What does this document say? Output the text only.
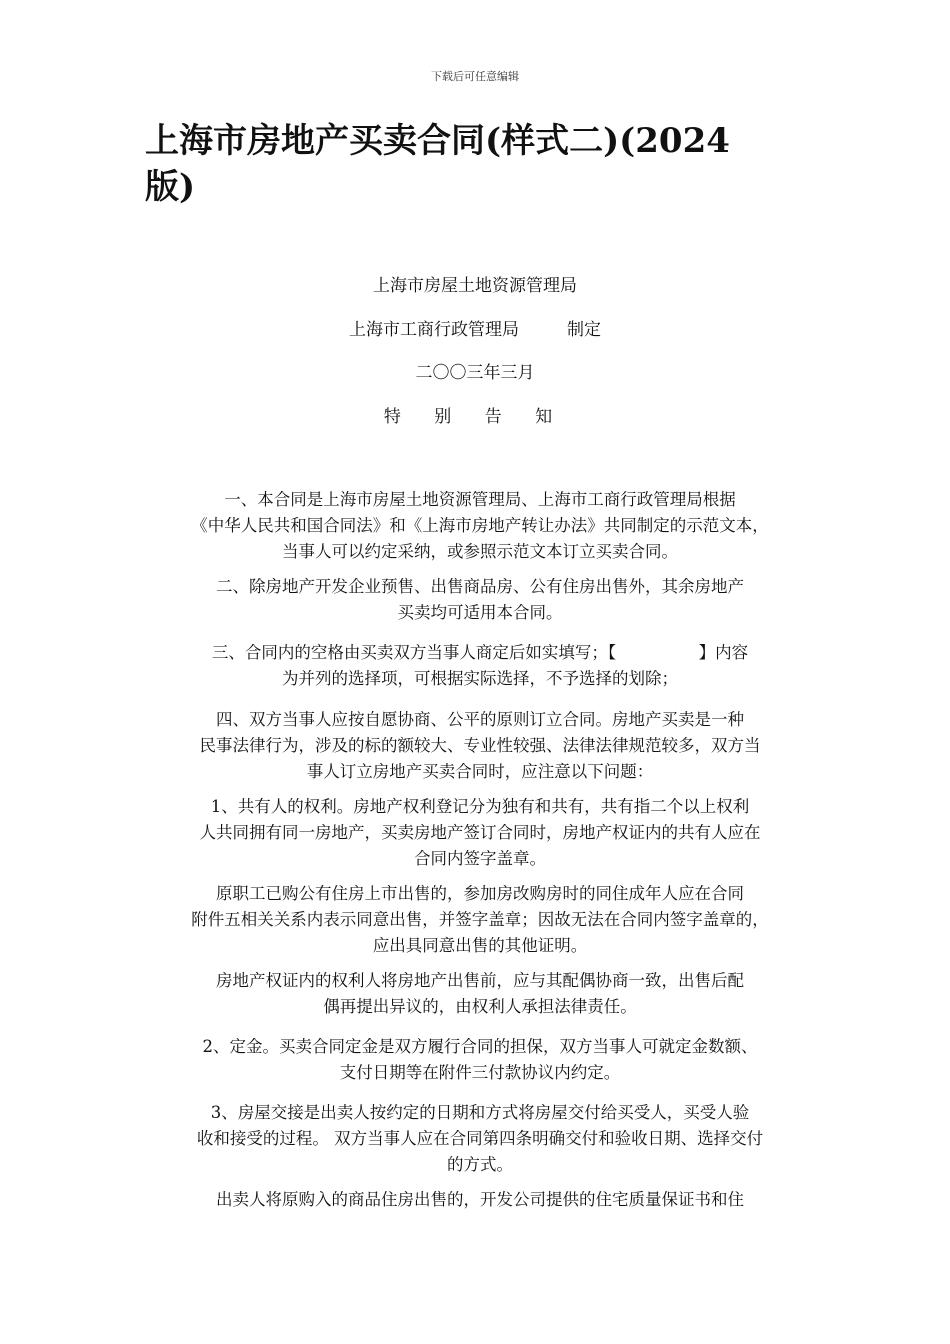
下载后可任意编辑
上海市房地产买卖合同(样式二)(2024
版)
上海市房屋土地资源管理局
上海市工商行政管理局	制定
二〇〇三年三月
特 别 告 知
一、本合同是上海市房屋土地资源管理局、上海市工商行政管理局根据
《中华人民共和国合同法》和《上海市房地产转让办法》共同制定的示范文本，
当事人可以约定采纳，或参照示范文本订立买卖合同。
二、除房地产开发企业预售、出售商品房、公有住房出售外，其余房地产
买卖均可适用本合同。
三、合同内的空格由买卖双方当事人商定后如实填写；【　　　　　】内容
为并列的选择项，可根据实际选择，不予选择的划除；
四、双方当事人应按自愿协商、公平的原则订立合同。房地产买卖是一种
民事法律行为，涉及的标的额较大、专业性较强、法律法律规范较多，双方当
事人订立房地产买卖合同时，应注意以下问题：
1、共有人的权利。房地产权利登记分为独有和共有，共有指二个以上权利
人共同拥有同一房地产，买卖房地产签订合同时，房地产权证内的共有人应在
合同内签字盖章。
原职工已购公有住房上市出售的，参加房改购房时的同住成年人应在合同
附件五相关关系内表示同意出售，并签字盖章；因故无法在合同内签字盖章的，
应出具同意出售的其他证明。
房地产权证内的权利人将房地产出售前，应与其配偶协商一致，出售后配
偶再提出异议的，由权利人承担法律责任。
2、定金。买卖合同定金是双方履行合同的担保，双方当事人可就定金数额、
支付日期等在附件三付款协议内约定。
3、房屋交接是出卖人按约定的日期和方式将房屋交付给买受人，买受人验
收和接受的过程。 双方当事人应在合同第四条明确交付和验收日期、选择交付
的方式。
出卖人将原购入的商品住房出售的，开发公司提供的住宅质量保证书和住
